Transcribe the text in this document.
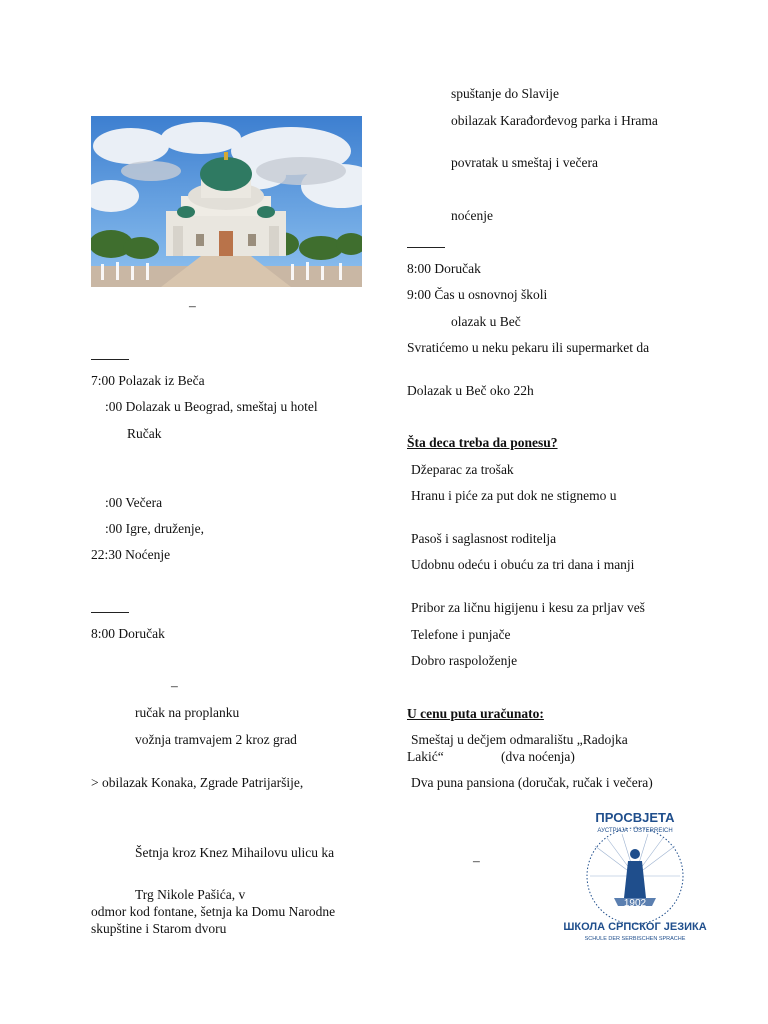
–
7:00 Polazak iz Beča
:00 Dolazak u Beograd, smeštaj u hotel
Ručak
:00 Večera
:00 Igre, druženje,
22:30 Noćenje
8:00 Doručak
–
ručak na proplanku
vožnja tramvajem 2 kroz grad
> obilazak Konaka, Zgrade Patrijaršije,
Šetnja kroz Knez Mihailovu ulicu ka
Trg Nikole Pašića, v
odmor kod fontane, šetnja ka Domu Narodne
skupštine i Starom dvoru
spuštanje do Slavije
obilazak Karađorđevog parka i Hrama
povratak u smeštaj i večera
noćenje
8:00 Doručak
9:00 Čas u osnovnoj školi
olazak u Beč
Svratićemo u neku pekaru ili supermarket da
Dolazak u Beč oko 22h
Šta deca treba da ponesu?
Džeparac za trošak
Hranu i piće za put dok ne stignemo u
Pasoš i saglasnost roditelja
Udobnu odeću i obuću za tri dana i manji
Pribor za ličnu higijenu i kesu za prljav veš
Telefone i punjače
Dobro raspoloženje
U cenu puta uračunato:
Smeštaj u dečjem odmaralištu „Radojka
Lakić“	(dva noćenja)
Dva puna pansiona (doručak, ručak i večera)
–
ПРОСВЈЕТА
АУСТРИЈА · ÖSTERREICH
1902
ШКОЛА СРПСКОГ ЈЕЗИКА
SCHULE DER SERBISCHEN SPRACHE
